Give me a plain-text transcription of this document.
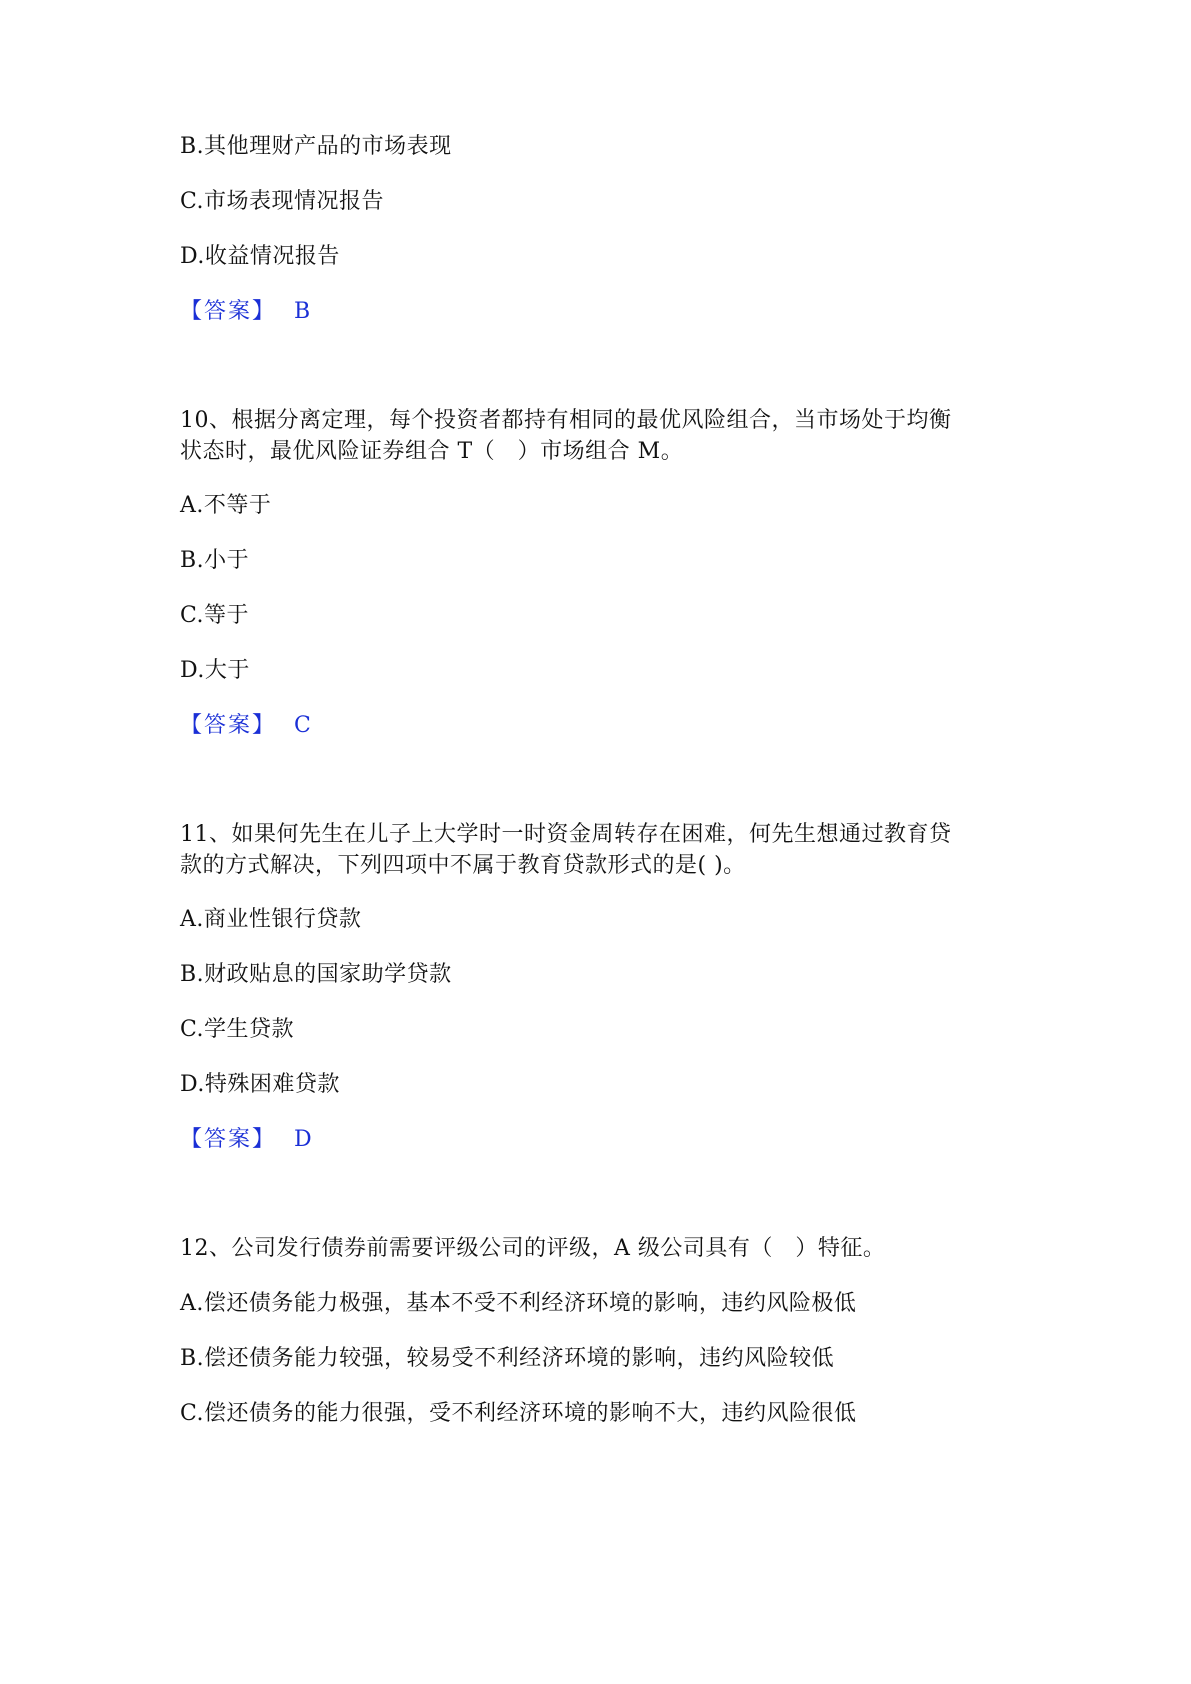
B.其他理财产品的市场表现
C.市场表现情况报告
D.收益情况报告
【答案】 B
10、根据分离定理，每个投资者都持有相同的最优风险组合，当市场处于均衡
状态时，最优风险证券组合 T（　）市场组合 M。
A.不等于
B.小于
C.等于
D.大于
【答案】 C
11、如果何先生在儿子上大学时一时资金周转存在困难，何先生想通过教育贷
款的方式解决，下列四项中不属于教育贷款形式的是( )。
A.商业性银行贷款
B.财政贴息的国家助学贷款
C.学生贷款
D.特殊困难贷款
【答案】 D
12、公司发行债券前需要评级公司的评级，A 级公司具有（　）特征。
A.偿还债务能力极强，基本不受不利经济环境的影响，违约风险极低
B.偿还债务能力较强，较易受不利经济环境的影响，违约风险较低
C.偿还债务的能力很强，受不利经济环境的影响不大，违约风险很低
